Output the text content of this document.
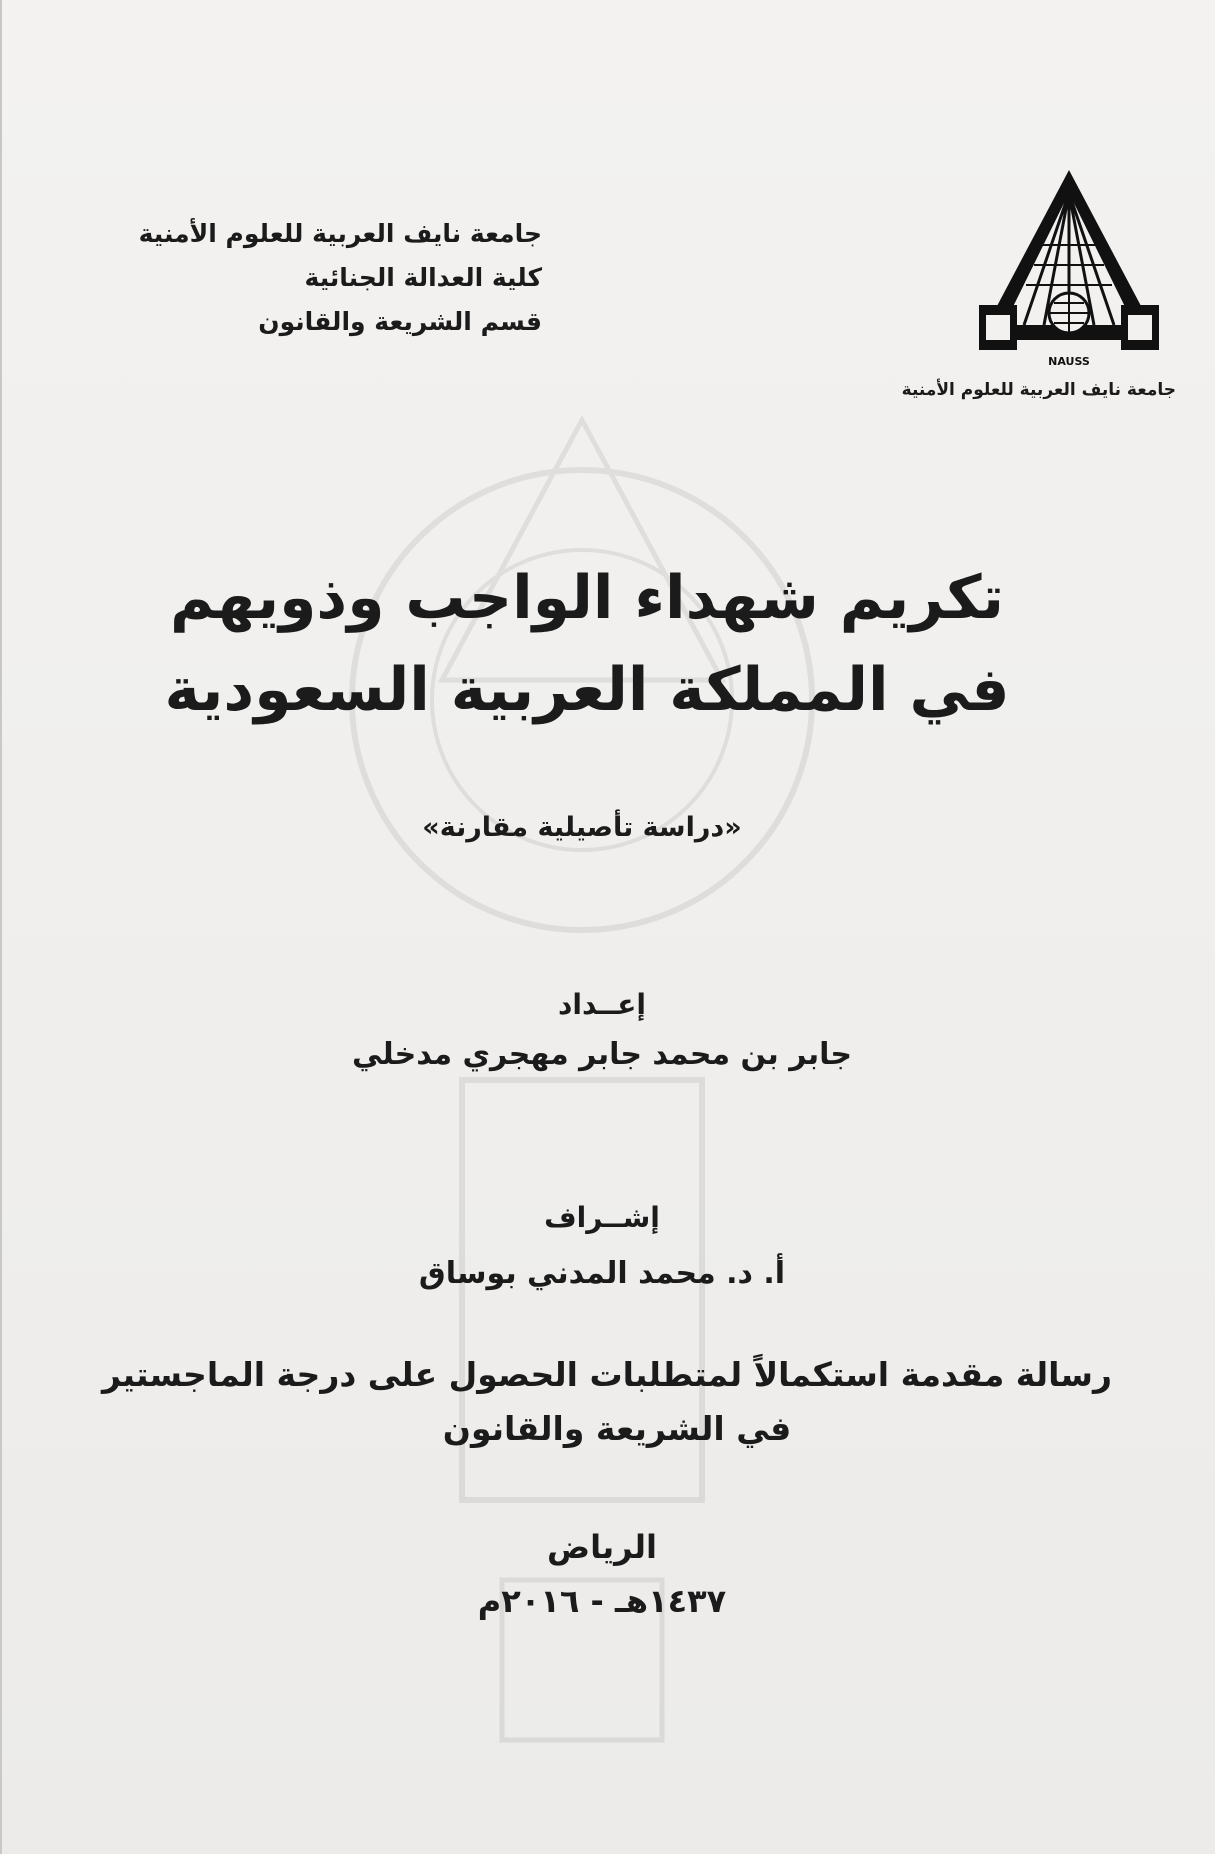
NAUSS
جامعة نايف العربية للعلوم الأمنية
جامعة نايف العربية للعلوم الأمنية
كلية العدالة الجنائية
قسم الشريعة والقانون
تكريم شهداء الواجب وذويهم
في المملكة العربية السعودية
«دراسة تأصيلية مقارنة»
إعــداد
جابر بن محمد جابر مهجري مدخلي
إشــراف
أ. د. محمد المدني بوساق
رسالة مقدمة استكمالاً لمتطلبات الحصول على درجة الماجستير
في الشريعة والقانون
الرياض
١٤٣٧هـ - ٢٠١٦م
